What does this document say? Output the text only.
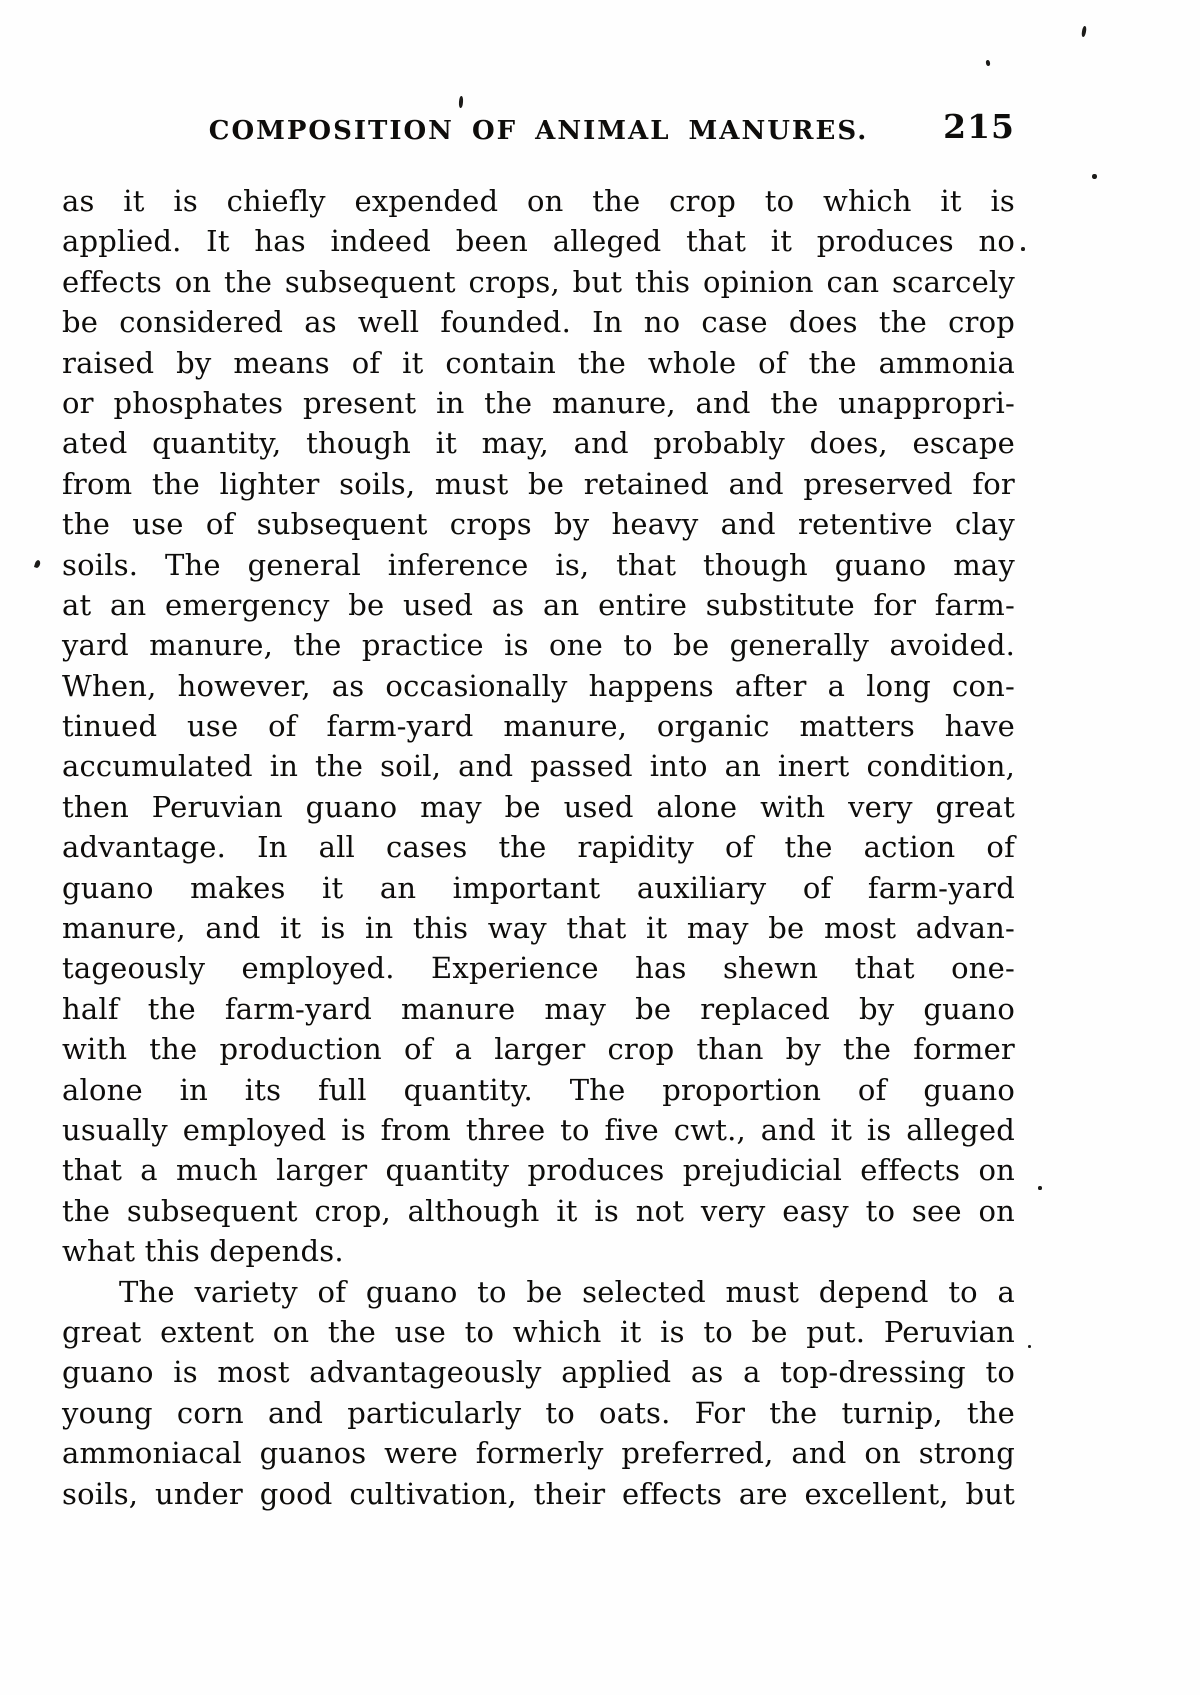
COMPOSITION OF ANIMAL MANURES.	215
as it is chiefly expended on the crop to which it is
applied. It has indeed been alleged that it produces no
effects on the subsequent crops, but this opinion can scarcely
be considered as well founded. In no case does the crop
raised by means of it contain the whole of the ammonia
or phosphates present in the manure, and the unappropri-
ated quantity, though it may, and probably does, escape
from the lighter soils, must be retained and preserved for
the use of subsequent crops by heavy and retentive clay
soils. The general inference is, that though guano may
at an emergency be used as an entire substitute for farm-
yard manure, the practice is one to be generally avoided.
When, however, as occasionally happens after a long con-
tinued use of farm-yard manure, organic matters have
accumulated in the soil, and passed into an inert condition,
then Peruvian guano may be used alone with very great
advantage. In all cases the rapidity of the action of
guano makes it an important auxiliary of farm-yard
manure, and it is in this way that it may be most advan-
tageously employed. Experience has shewn that one-
half the farm-yard manure may be replaced by guano
with the production of a larger crop than by the former
alone in its full quantity. The proportion of guano
usually employed is from three to five cwt., and it is alleged
that a much larger quantity produces prejudicial effects on
the subsequent crop, although it is not very easy to see on
what this depends.
The variety of guano to be selected must depend to a
great extent on the use to which it is to be put. Peruvian
guano is most advantageously applied as a top-dressing to
young corn and particularly to oats. For the turnip, the
ammoniacal guanos were formerly preferred, and on strong
soils, under good cultivation, their effects are excellent, but
